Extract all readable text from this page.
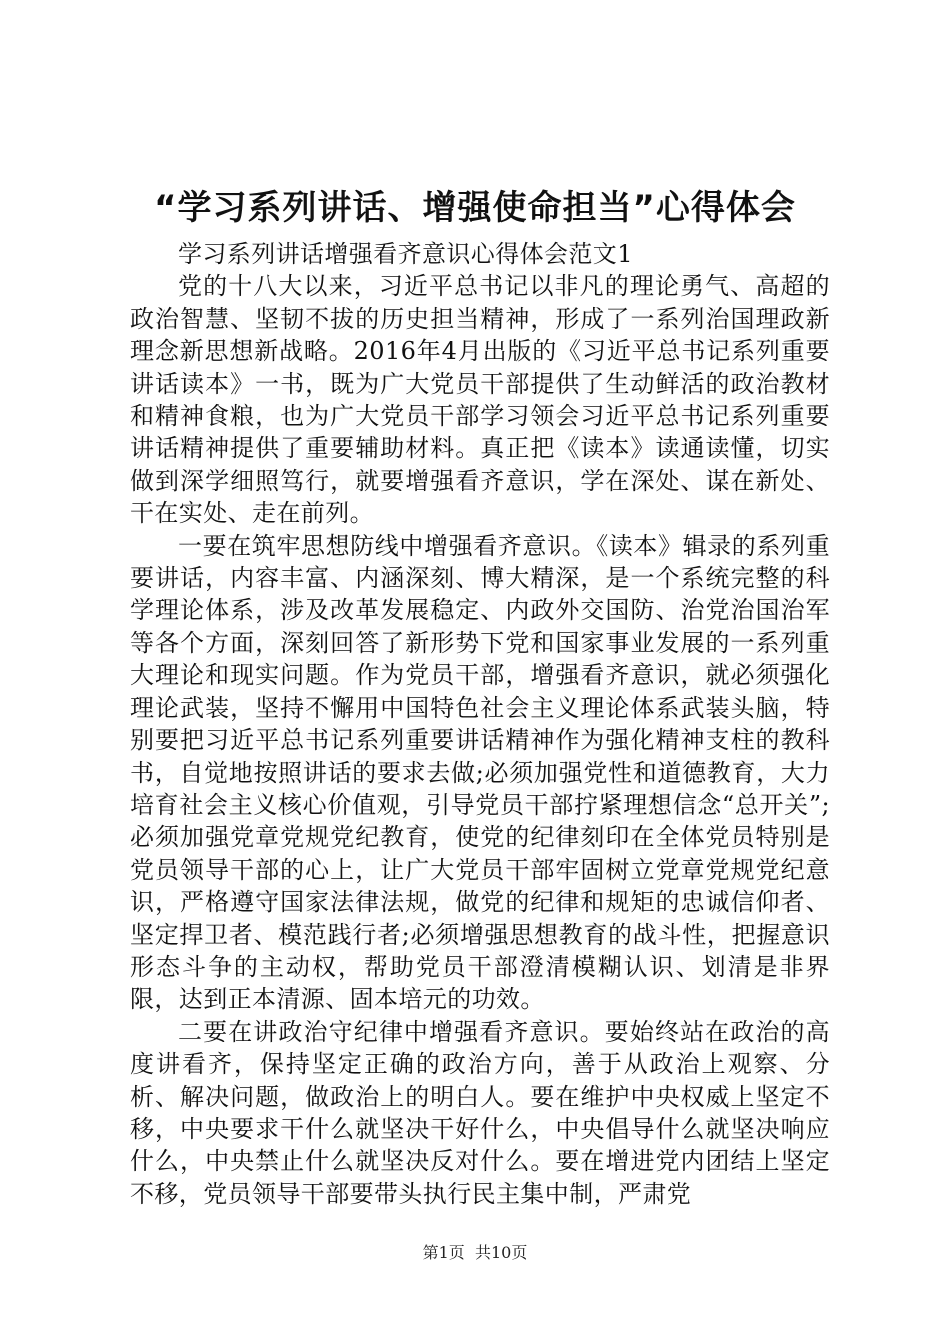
“学习系列讲话、增强使命担当”心得体会

学习系列讲话增强看齐意识心得体会范文1

党的十八大以来，习近平总书记以非凡的理论勇气、高超的政治智慧、坚韧不拔的历史担当精神，形成了一系列治国理政新理念新思想新战略。2016年4月出版的《习近平总书记系列重要讲话读本》一书，既为广大党员干部提供了生动鲜活的政治教材和精神食粮，也为广大党员干部学习领会习近平总书记系列重要讲话精神提供了重要辅助材料。真正把《读本》读通读懂，切实做到深学细照笃行，就要增强看齐意识，学在深处、谋在新处、干在实处、走在前列。

一要在筑牢思想防线中增强看齐意识。《读本》辑录的系列重要讲话，内容丰富、内涵深刻、博大精深，是一个系统完整的科学理论体系，涉及改革发展稳定、内政外交国防、治党治国治军等各个方面，深刻回答了新形势下党和国家事业发展的一系列重大理论和现实问题。作为党员干部，增强看齐意识，就必须强化理论武装，坚持不懈用中国特色社会主义理论体系武装头脑，特别要把习近平总书记系列重要讲话精神作为强化精神支柱的教科书，自觉地按照讲话的要求去做;必须加强党性和道德教育，大力培育社会主义核心价值观，引导党员干部拧紧理想信念“总开关”;必须加强党章党规党纪教育，使党的纪律刻印在全体党员特别是党员领导干部的心上，让广大党员干部牢固树立党章党规党纪意识，严格遵守国家法律法规，做党的纪律和规矩的忠诚信仰者、坚定捍卫者、模范践行者;必须增强思想教育的战斗性，把握意识形态斗争的主动权，帮助党员干部澄清模糊认识、划清是非界限，达到正本清源、固本培元的功效。

二要在讲政治守纪律中增强看齐意识。要始终站在政治的高度讲看齐，保持坚定正确的政治方向，善于从政治上观察、分析、解决问题，做政治上的明白人。要在维护中央权威上坚定不移，中央要求干什么就坚决干好什么，中央倡导什么就坚决响应什么，中央禁止什么就坚决反对什么。要在增进党内团结上坚定不移，党员领导干部要带头执行民主集中制，严肃党

第1页 共10页
